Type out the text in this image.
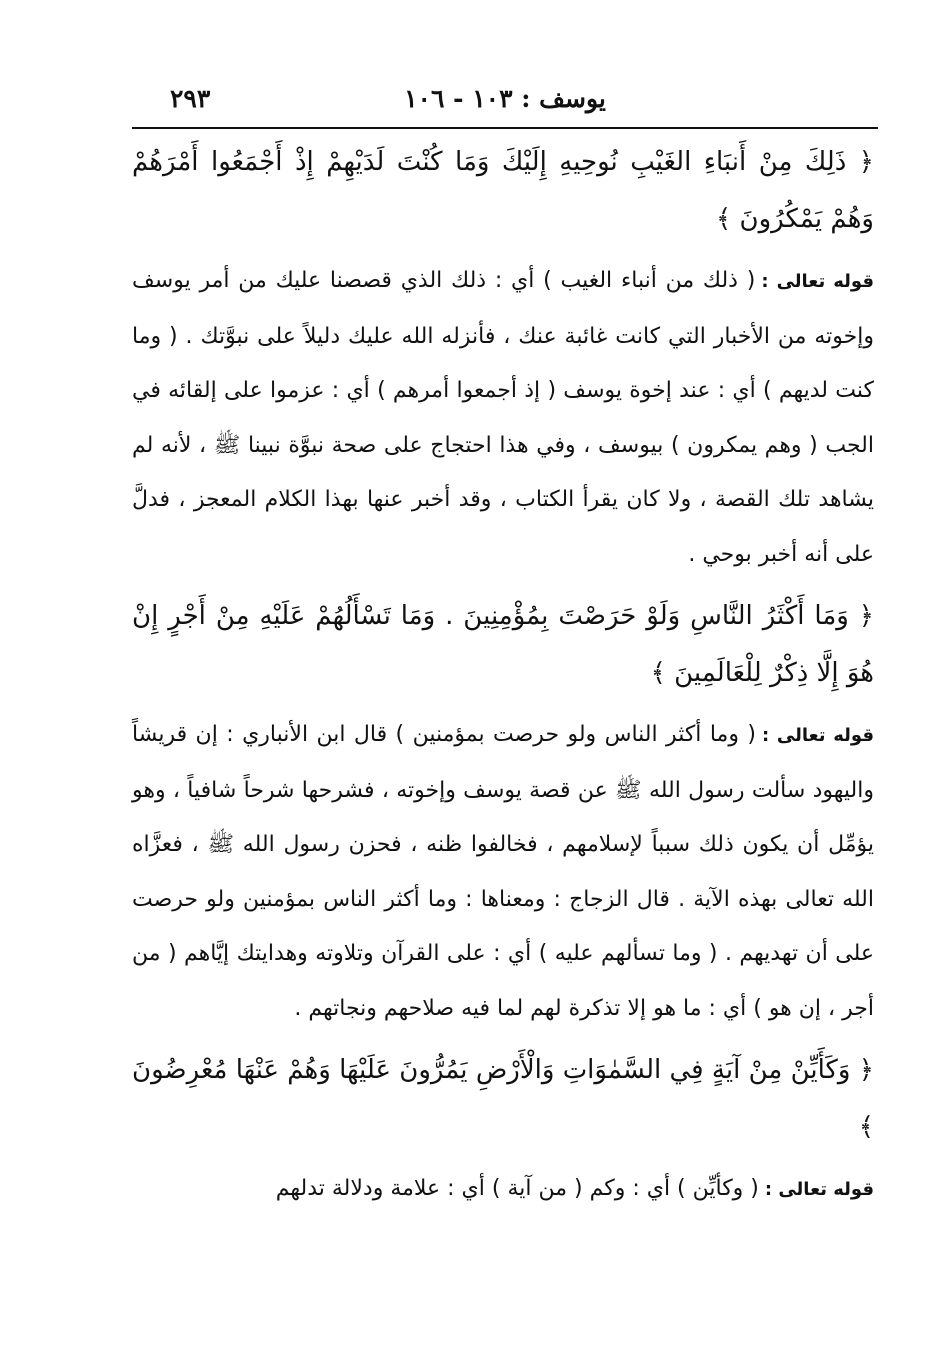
يوسف : ١٠٣ - ١٠٦
٢٩٣

﴿ ذَلِكَ مِنْ أَنبَاءِ الغَيْبِ نُوحِيهِ إِلَيْكَ وَمَا كُنْتَ لَدَيْهِمْ إِذْ أَجْمَعُوا أَمْرَهُمْ وَهُمْ يَمْكُرُونَ ﴾

قوله تعالى :( ذلك من أنباء الغيب ) أي : ذلك الذي قصصنا عليك من أمر يوسف وإخوته من الأخبار التي كانت غائبة عنك ، فأنزله الله عليك دليلاً على نبوَّتك . ( وما كنت لديهم ) أي : عند إخوة يوسف ( إذ أجمعوا أمرهم ) أي : عزموا على إلقائه في الجب ( وهم يمكرون ) بيوسف ، وفي هذا احتجاج على صحة نبوَّة نبينا ﷺ ، لأنه لم يشاهد تلك القصة ، ولا كان يقرأ الكتاب ، وقد أخبر عنها بهذا الكلام المعجز ، فدلَّ على أنه أخبر بوحي .

﴿ وَمَا أَكْثَرُ النَّاسِ وَلَوْ حَرَصْتَ بِمُؤْمِنِينَ . وَمَا تَسْأَلُهُمْ عَلَيْهِ مِنْ أَجْرٍ إِنْ هُوَ إِلَّا ذِكْرٌ لِلْعَالَمِينَ ﴾

قوله تعالى :( وما أكثر الناس ولو حرصت بمؤمنين ) قال ابن الأنباري : إن قريشاً واليهود سألت رسول الله ﷺ عن قصة يوسف وإخوته ، فشرحها شرحاً شافياً ، وهو يؤمِّل أن يكون ذلك سبباً لإسلامهم ، فخالفوا ظنه ، فحزن رسول الله ﷺ ، فعزَّاه الله تعالى بهذه الآية . قال الزجاج : ومعناها : وما أكثر الناس بمؤمنين ولو حرصت على أن تهديهم . ( وما تسألهم عليه ) أي : على القرآن وتلاوته وهدايتك إيَّاهم ( من أجر ، إن هو ) أي : ما هو إلا تذكرة لهم لما فيه صلاحهم ونجاتهم .

﴿ وَكَأَيِّنْ مِنْ آيَةٍ فِي السَّمٰوَاتِ وَالْأَرْضِ يَمُرُّونَ عَلَيْهَا وَهُمْ عَنْهَا مُعْرِضُونَ ﴾

قوله تعالى :( وكأيِّن ) أي : وكم ( من آية ) أي : علامة ودلالة تدلهم
